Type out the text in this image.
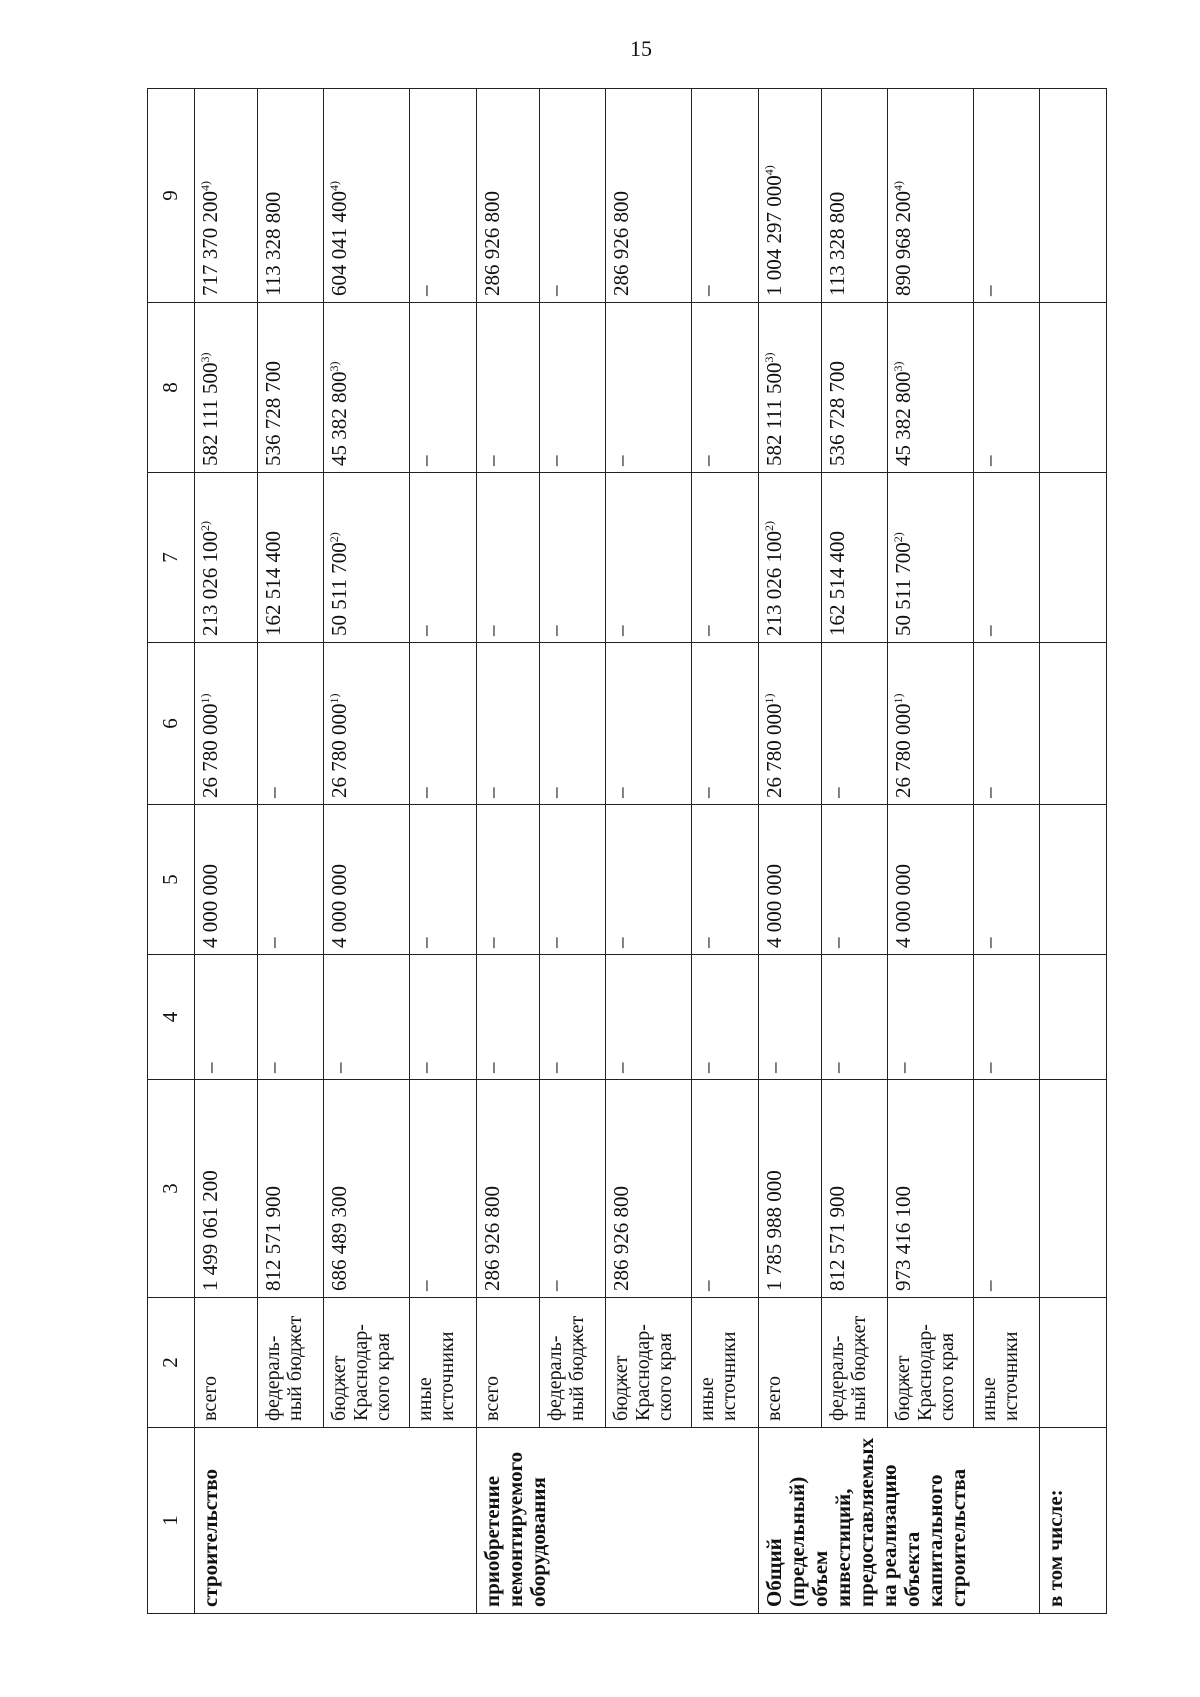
15
1	2	3	4	5	6	7	8	9
строительство	всего	1 499 061 200	–	4 000 000	26 780 000$^{1)}$	213 026 100$^{2)}$	582 111 500$^{3)}$	717 370 200$^{4)}$
	федераль-ный бюджет	812 571 900	–	–	–	162 514 400	536 728 700	113 328 800
	бюджет Краснодар-ского края	686 489 300	–	4 000 000	26 780 000$^{1)}$	50 511 700$^{2)}$	45 382 800$^{3)}$	604 041 400$^{4)}$
	иные источники	–	–	–	–	–	–	–
приобретение немонтируемого оборудования	всего	286 926 800	–	–	–	–	–	286 926 800
	федераль-ный бюджет	–	–	–	–	–	–	–
	бюджет Краснодар-ского края	286 926 800	–	–	–	–	–	286 926 800
	иные источники	–	–	–	–	–	–	–
Общий (предельный) объем инвестиций, предоставляемых на реализацию объекта капитального строительства	всего	1 785 988 000	–	4 000 000	26 780 000$^{1)}$	213 026 100$^{2)}$	582 111 500$^{3)}$	1 004 297 000$^{4)}$
	федераль-ный бюджет	812 571 900	–	–	–	162 514 400	536 728 700	113 328 800
	бюджет Краснодар-ского края	973 416 100	–	4 000 000	26 780 000$^{1)}$	50 511 700$^{2)}$	45 382 800$^{3)}$	890 968 200$^{4)}$
	иные источники	–	–	–	–	–	–	–
в том числе:								
